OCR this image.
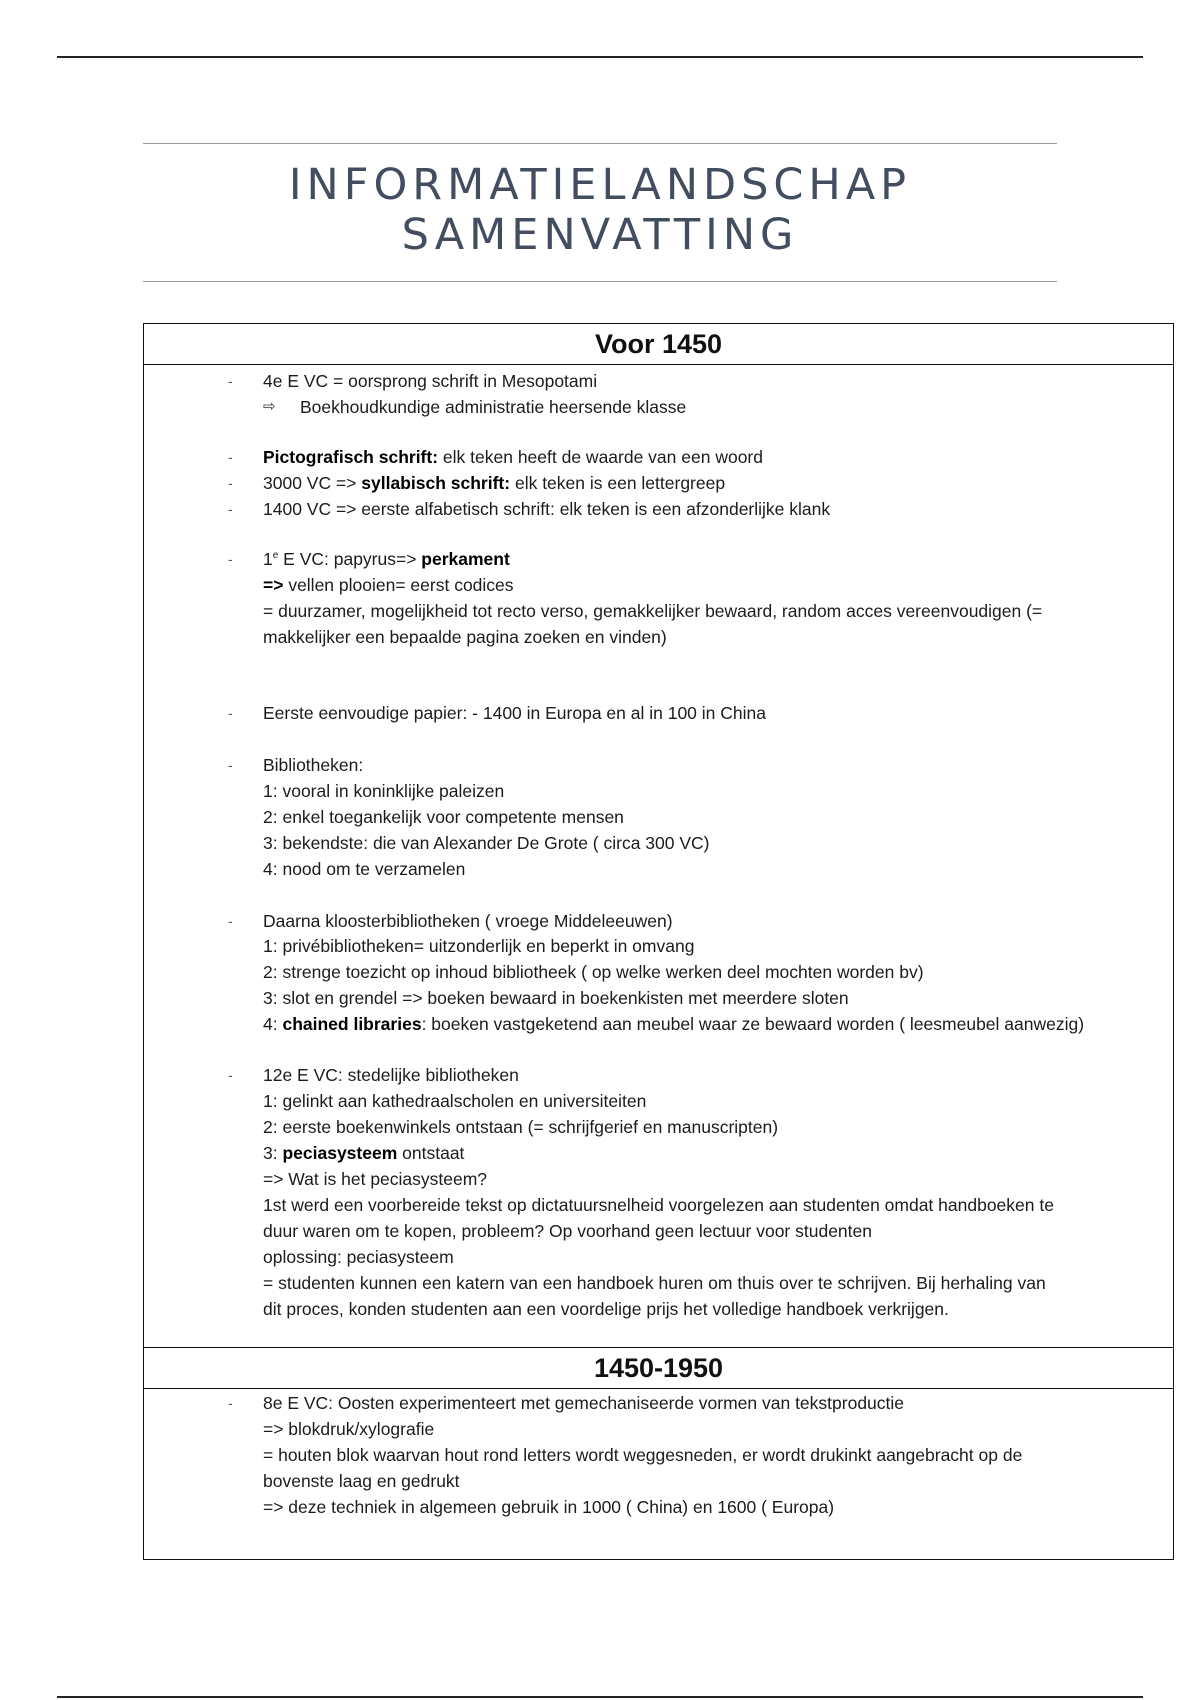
INFORMATIELANDSCHAP
SAMENVATTING
Voor 1450
-	4e E VC = oorsprong schrift in Mesopotami
⇨ Boekhoudkundige administratie heersende klasse
-	Pictografisch schrift: elk teken heeft de waarde van een woord
-	3000 VC => syllabisch schrift: elk teken is een lettergreep
-	1400 VC => eerste alfabetisch schrift: elk teken is een afzonderlijke klank
-	1e E VC: papyrus=> perkament
=> vellen plooien= eerst codices
= duurzamer, mogelijkheid tot recto verso, gemakkelijker bewaard, random acces vereenvoudigen (=
makkelijker een bepaalde pagina zoeken en vinden)
-	Eerste eenvoudige papier: - 1400 in Europa en al in 100 in China
-	Bibliotheken:
1: vooral in koninklijke paleizen
2: enkel toegankelijk voor competente mensen
3: bekendste: die van Alexander De Grote ( circa 300 VC)
4: nood om te verzamelen
-	Daarna kloosterbibliotheken ( vroege Middeleeuwen)
1: privébibliotheken= uitzonderlijk en beperkt in omvang
2: strenge toezicht op inhoud bibliotheek ( op welke werken deel mochten worden bv)
3: slot en grendel => boeken bewaard in boekenkisten met meerdere sloten
4: chained libraries: boeken vastgeketend aan meubel waar ze bewaard worden ( leesmeubel aanwezig)
-	12e E VC: stedelijke bibliotheken
1: gelinkt aan kathedraalscholen en universiteiten
2: eerste boekenwinkels ontstaan (= schrijfgerief en manuscripten)
3: peciasysteem ontstaat
=> Wat is het peciasysteem?
1st werd een voorbereide tekst op dictatuursnelheid voorgelezen aan studenten omdat handboeken te
duur waren om te kopen, probleem? Op voorhand geen lectuur voor studenten
oplossing: peciasysteem
= studenten kunnen een katern van een handboek huren om thuis over te schrijven. Bij herhaling van
dit proces, konden studenten aan een voordelige prijs het volledige handboek verkrijgen.
1450-1950
-	8e E VC: Oosten experimenteert met gemechaniseerde vormen van tekstproductie
=> blokdruk/xylografie
= houten blok waarvan hout rond letters wordt weggesneden, er wordt drukinkt aangebracht op de
bovenste laag en gedrukt
=> deze techniek in algemeen gebruik in 1000 ( China) en 1600 ( Europa)
